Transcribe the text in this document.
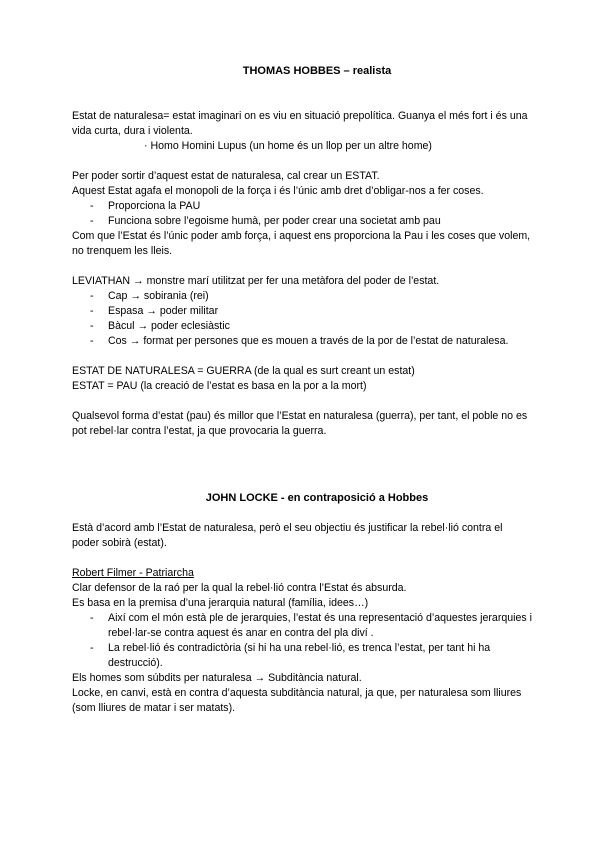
THOMAS HOBBES – realista

Estat de naturalesa= estat imaginari on es viu en situació prepolítica. Guanya el més fort i és una vida curta, dura i violenta.

· Homo Homini Lupus (un home és un llop per un altre home)

Per poder sortir d’aquest estat de naturalesa, cal crear un ESTAT.

Aquest Estat agafa el monopoli de la força i és l’únic amb dret d’obligar-nos a fer coses.

- Proporciona la PAU
- Funciona sobre l’egoisme humà, per poder crear una societat amb pau

Com que l’Estat és l’únic poder amb força, i aquest ens proporciona la Pau i les coses que volem, no trenquem les lleis.

LEVIATHAN → monstre marí utilitzat per fer una metàfora del poder de l’estat.

- Cap → sobirania (rei)
- Espasa → poder militar
- Bàcul → poder eclesiàstic
- Cos → format per persones que es mouen a través de la por de l’estat de naturalesa.

ESTAT DE NATURALESA = GUERRA (de la qual es surt creant un estat)

ESTAT = PAU (la creació de l’estat es basa en la por a la mort)

Qualsevol forma d’estat (pau) és millor que l’Estat en naturalesa (guerra), per tant, el poble no es pot rebel·lar contra l’estat, ja que provocaria la guerra.

JOHN LOCKE - en contraposició a Hobbes

Està d’acord amb l’Estat de naturalesa, però el seu objectiu és justificar la rebel·lió contra el poder sobirà (estat).

Robert Filmer - Patriarcha

Clar defensor de la raó per la qual la rebel·lió contra l’Estat és absurda.

Es basa en la premisa d’una jerarquia natural (família, idees…)

- Així com el món està ple de jerarquies, l’estat és una representació d’aquestes jerarquies i rebel·lar-se contra aquest és anar en contra del pla diví .
- La rebel·lió és contradictòria (si hi ha una rebel·lió, es trenca l’estat, per tant hi ha destrucció).

Els homes som súbdits per naturalesa → Subditància natural.

Locke, en canvi, està en contra d’aquesta subditància natural, ja que, per naturalesa som lliures (som lliures de matar i ser matats).
